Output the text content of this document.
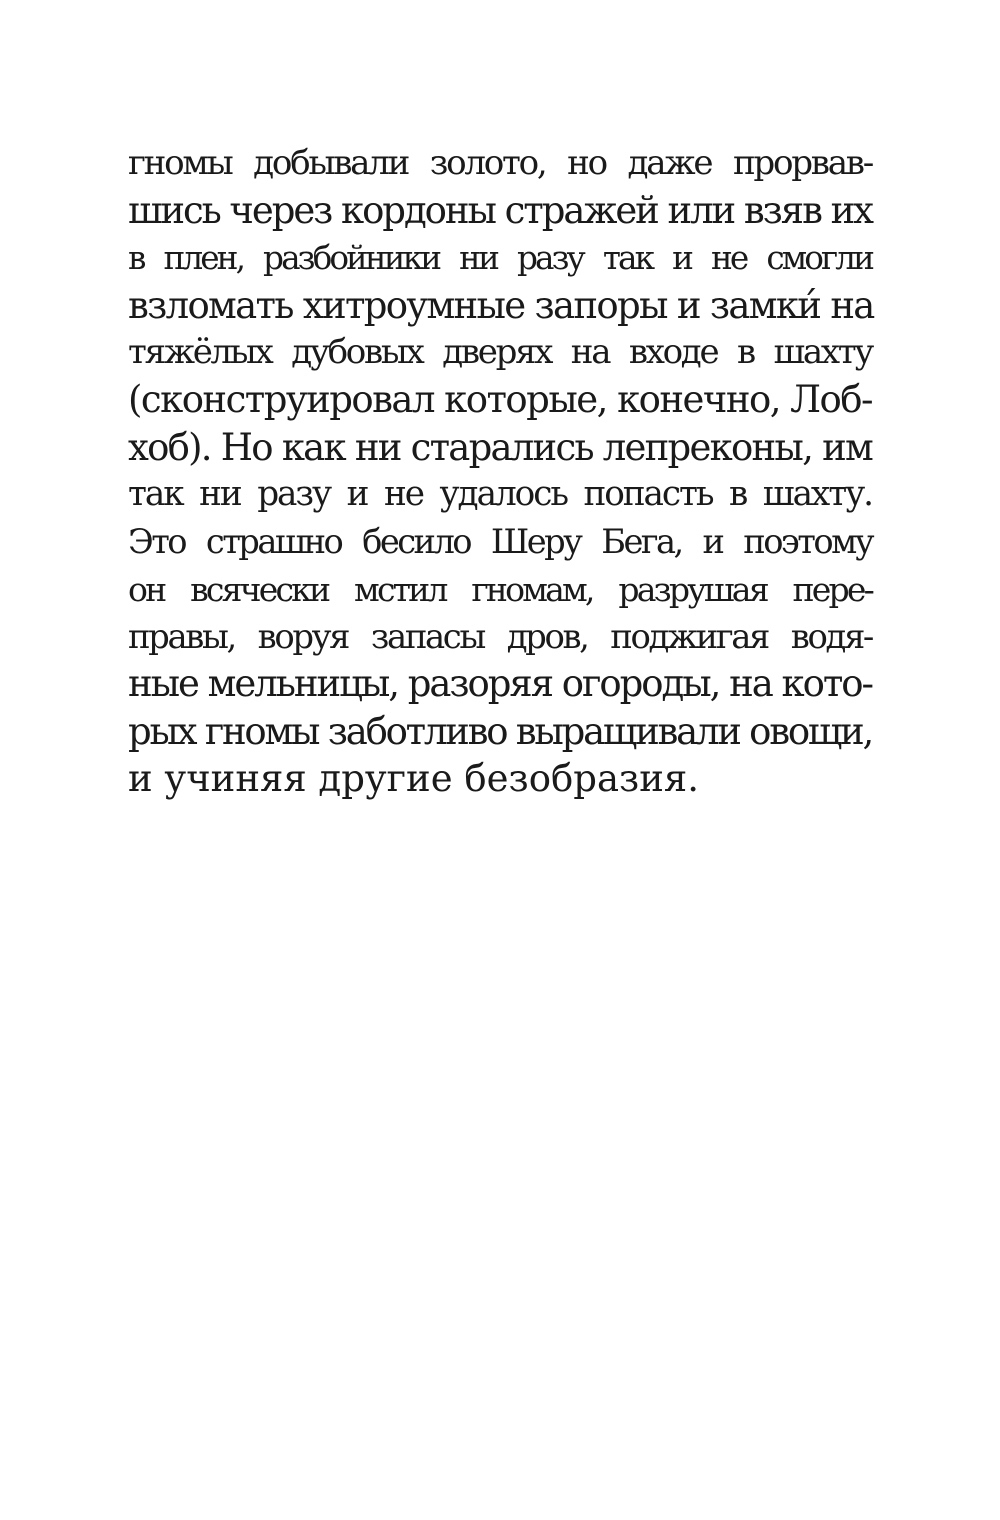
гномы добывали золото, но даже прорвав-
шись через кордоны стражей или взяв их
в плен, разбойники ни разу так и не смогли
взломать хитроумные запоры и замки́ на
тяжёлых дубовых дверях на входе в шахту
(сконструировал которые, конечно, Лоб-
хоб). Но как ни старались лепреконы, им
так ни разу и не удалось попасть в шахту.
Это страшно бесило Шеру Бега, и поэтому
он всячески мстил гномам, разрушая пере-
правы, воруя запасы дров, поджигая водя-
ные мельницы, разоряя огороды, на кото-
рых гномы заботливо выращивали овощи,
и учиняя другие безобразия.
